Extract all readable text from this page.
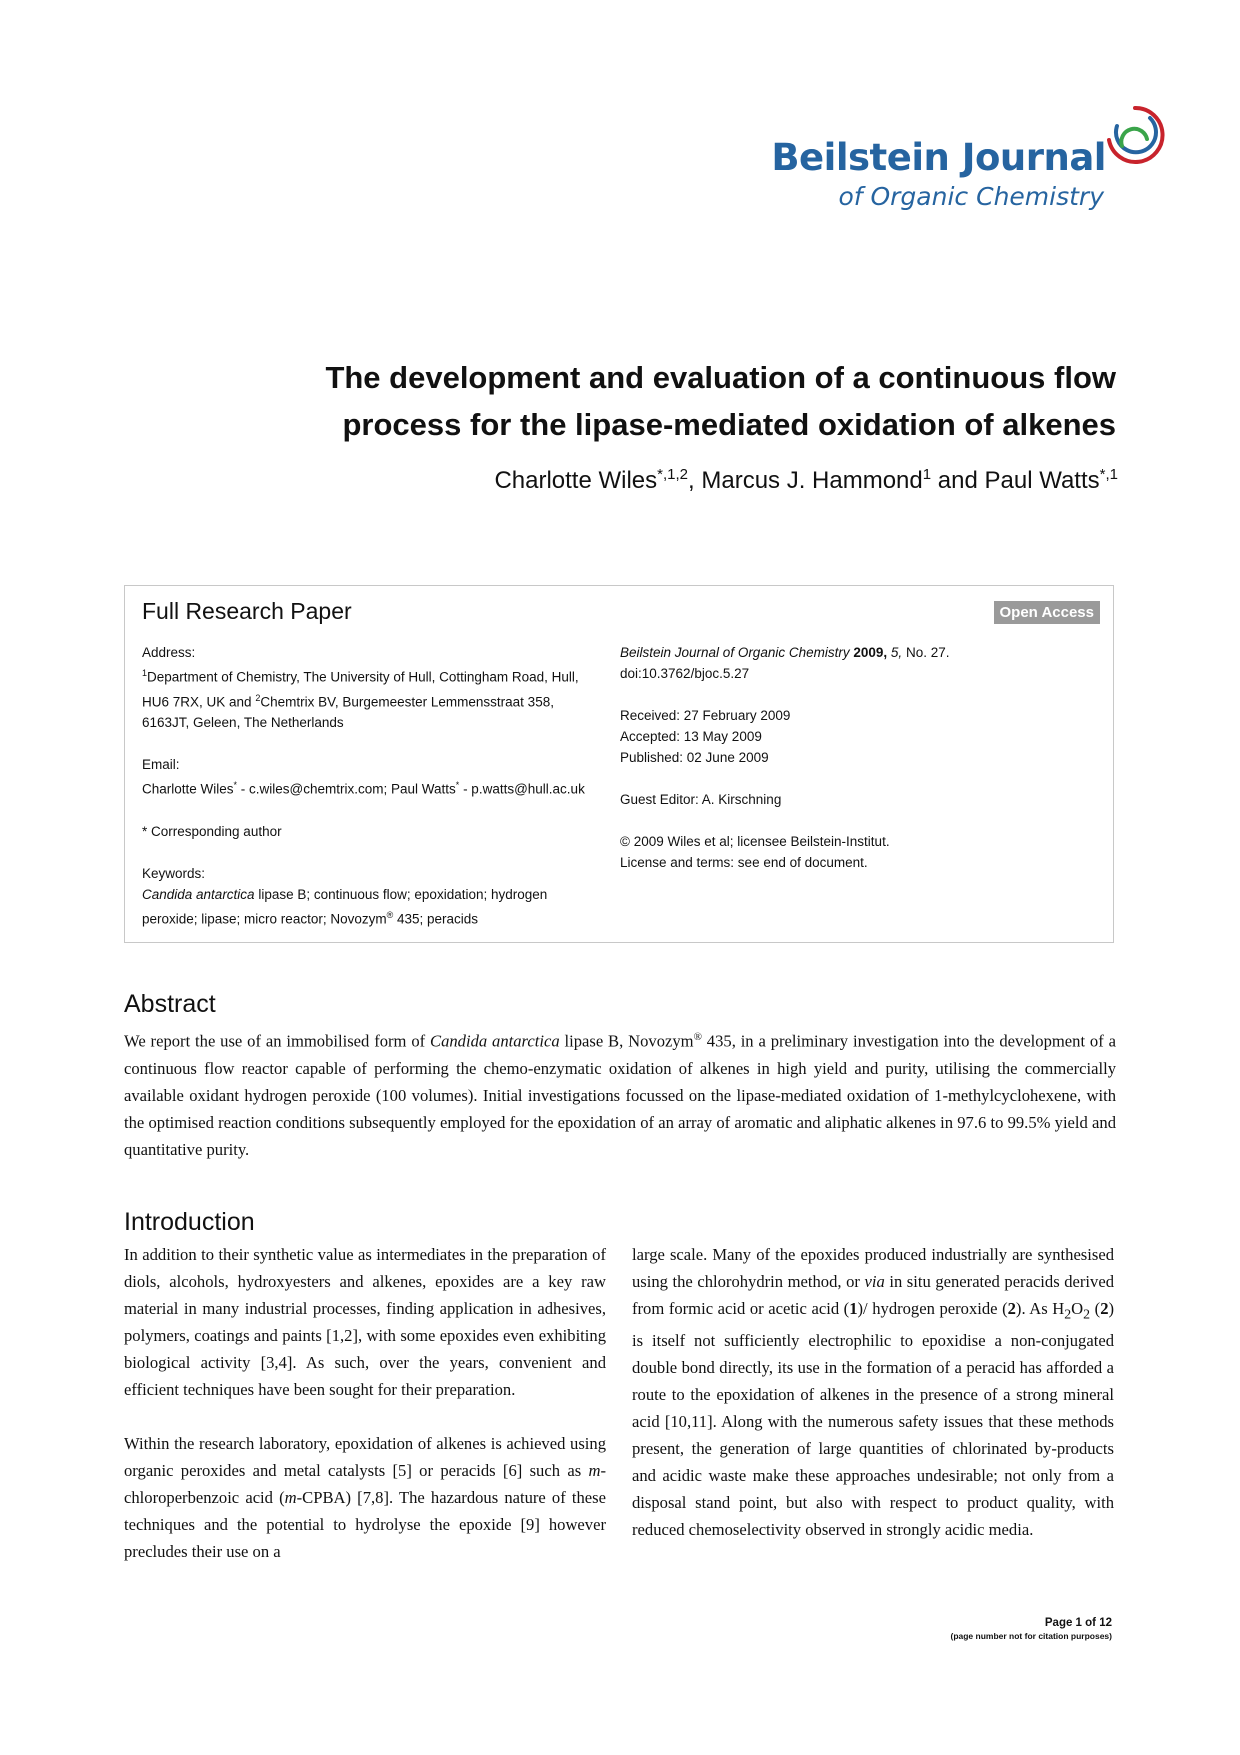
Beilstein Journal
of Organic Chemistry
The development and evaluation of a continuous flow
process for the lipase-mediated oxidation of alkenes
Charlotte Wiles$^{*,1,2}$, Marcus J. Hammond$^1$ and Paul Watts$^{*,1}$
Full Research Paper	Open Access

Address:
$^1$Department of Chemistry, The University of Hull, Cottingham Road, Hull, HU6 7RX, UK and $^2$Chemtrix BV, Burgemeester Lemmensstraat 358, 6163JT, Geleen, The Netherlands

Email:
Charlotte Wiles* - c.wiles@chemtrix.com; Paul Watts* - p.watts@hull.ac.uk

* Corresponding author

Keywords:
Candida antarctica lipase B; continuous flow; epoxidation; hydrogen peroxide; lipase; micro reactor; Novozym® 435; peracids

Beilstein Journal of Organic Chemistry 2009, 5, No. 27.
doi:10.3762/bjoc.5.27

Received: 27 February 2009
Accepted: 13 May 2009
Published: 02 June 2009

Guest Editor: A. Kirschning

© 2009 Wiles et al; licensee Beilstein-Institut.
License and terms: see end of document.

Abstract
We report the use of an immobilised form of Candida antarctica lipase B, Novozym® 435, in a preliminary investigation into the development of a continuous flow reactor capable of performing the chemo-enzymatic oxidation of alkenes in high yield and purity, utilising the commercially available oxidant hydrogen peroxide (100 volumes). Initial investigations focussed on the lipase-mediated oxidation of 1-methylcyclohexene, with the optimised reaction conditions subsequently employed for the epoxidation of an array of aromatic and aliphatic alkenes in 97.6 to 99.5% yield and quantitative purity.
Introduction

In addition to their synthetic value as intermediates in the preparation of diols, alcohols, hydroxyesters and alkenes, epoxides are a key raw material in many industrial processes, finding application in adhesives, polymers, coatings and paints [1,2], with some epoxides even exhibiting biological activity [3,4]. As such, over the years, convenient and efficient techniques have been sought for their preparation.

Within the research laboratory, epoxidation of alkenes is achieved using organic peroxides and metal catalysts [5] or peracids [6] such as m-chloroperbenzoic acid (m-CPBA) [7,8]. The hazardous nature of these techniques and the potential to hydrolyse the epoxide [9] however precludes their use on a

large scale. Many of the epoxides produced industrially are synthesised using the chlorohydrin method, or via in situ generated peracids derived from formic acid or acetic acid (1)/ hydrogen peroxide (2). As $H_2O_2$ (2) is itself not sufficiently electrophilic to epoxidise a non-conjugated double bond directly, its use in the formation of a peracid has afforded a route to the epoxidation of alkenes in the presence of a strong mineral acid [10,11]. Along with the numerous safety issues that these methods present, the generation of large quantities of chlorinated by-products and acidic waste make these approaches undesirable; not only from a disposal stand point, but also with respect to product quality, with reduced chemoselectivity observed in strongly acidic media.

Page 1 of 12
(page number not for citation purposes)
